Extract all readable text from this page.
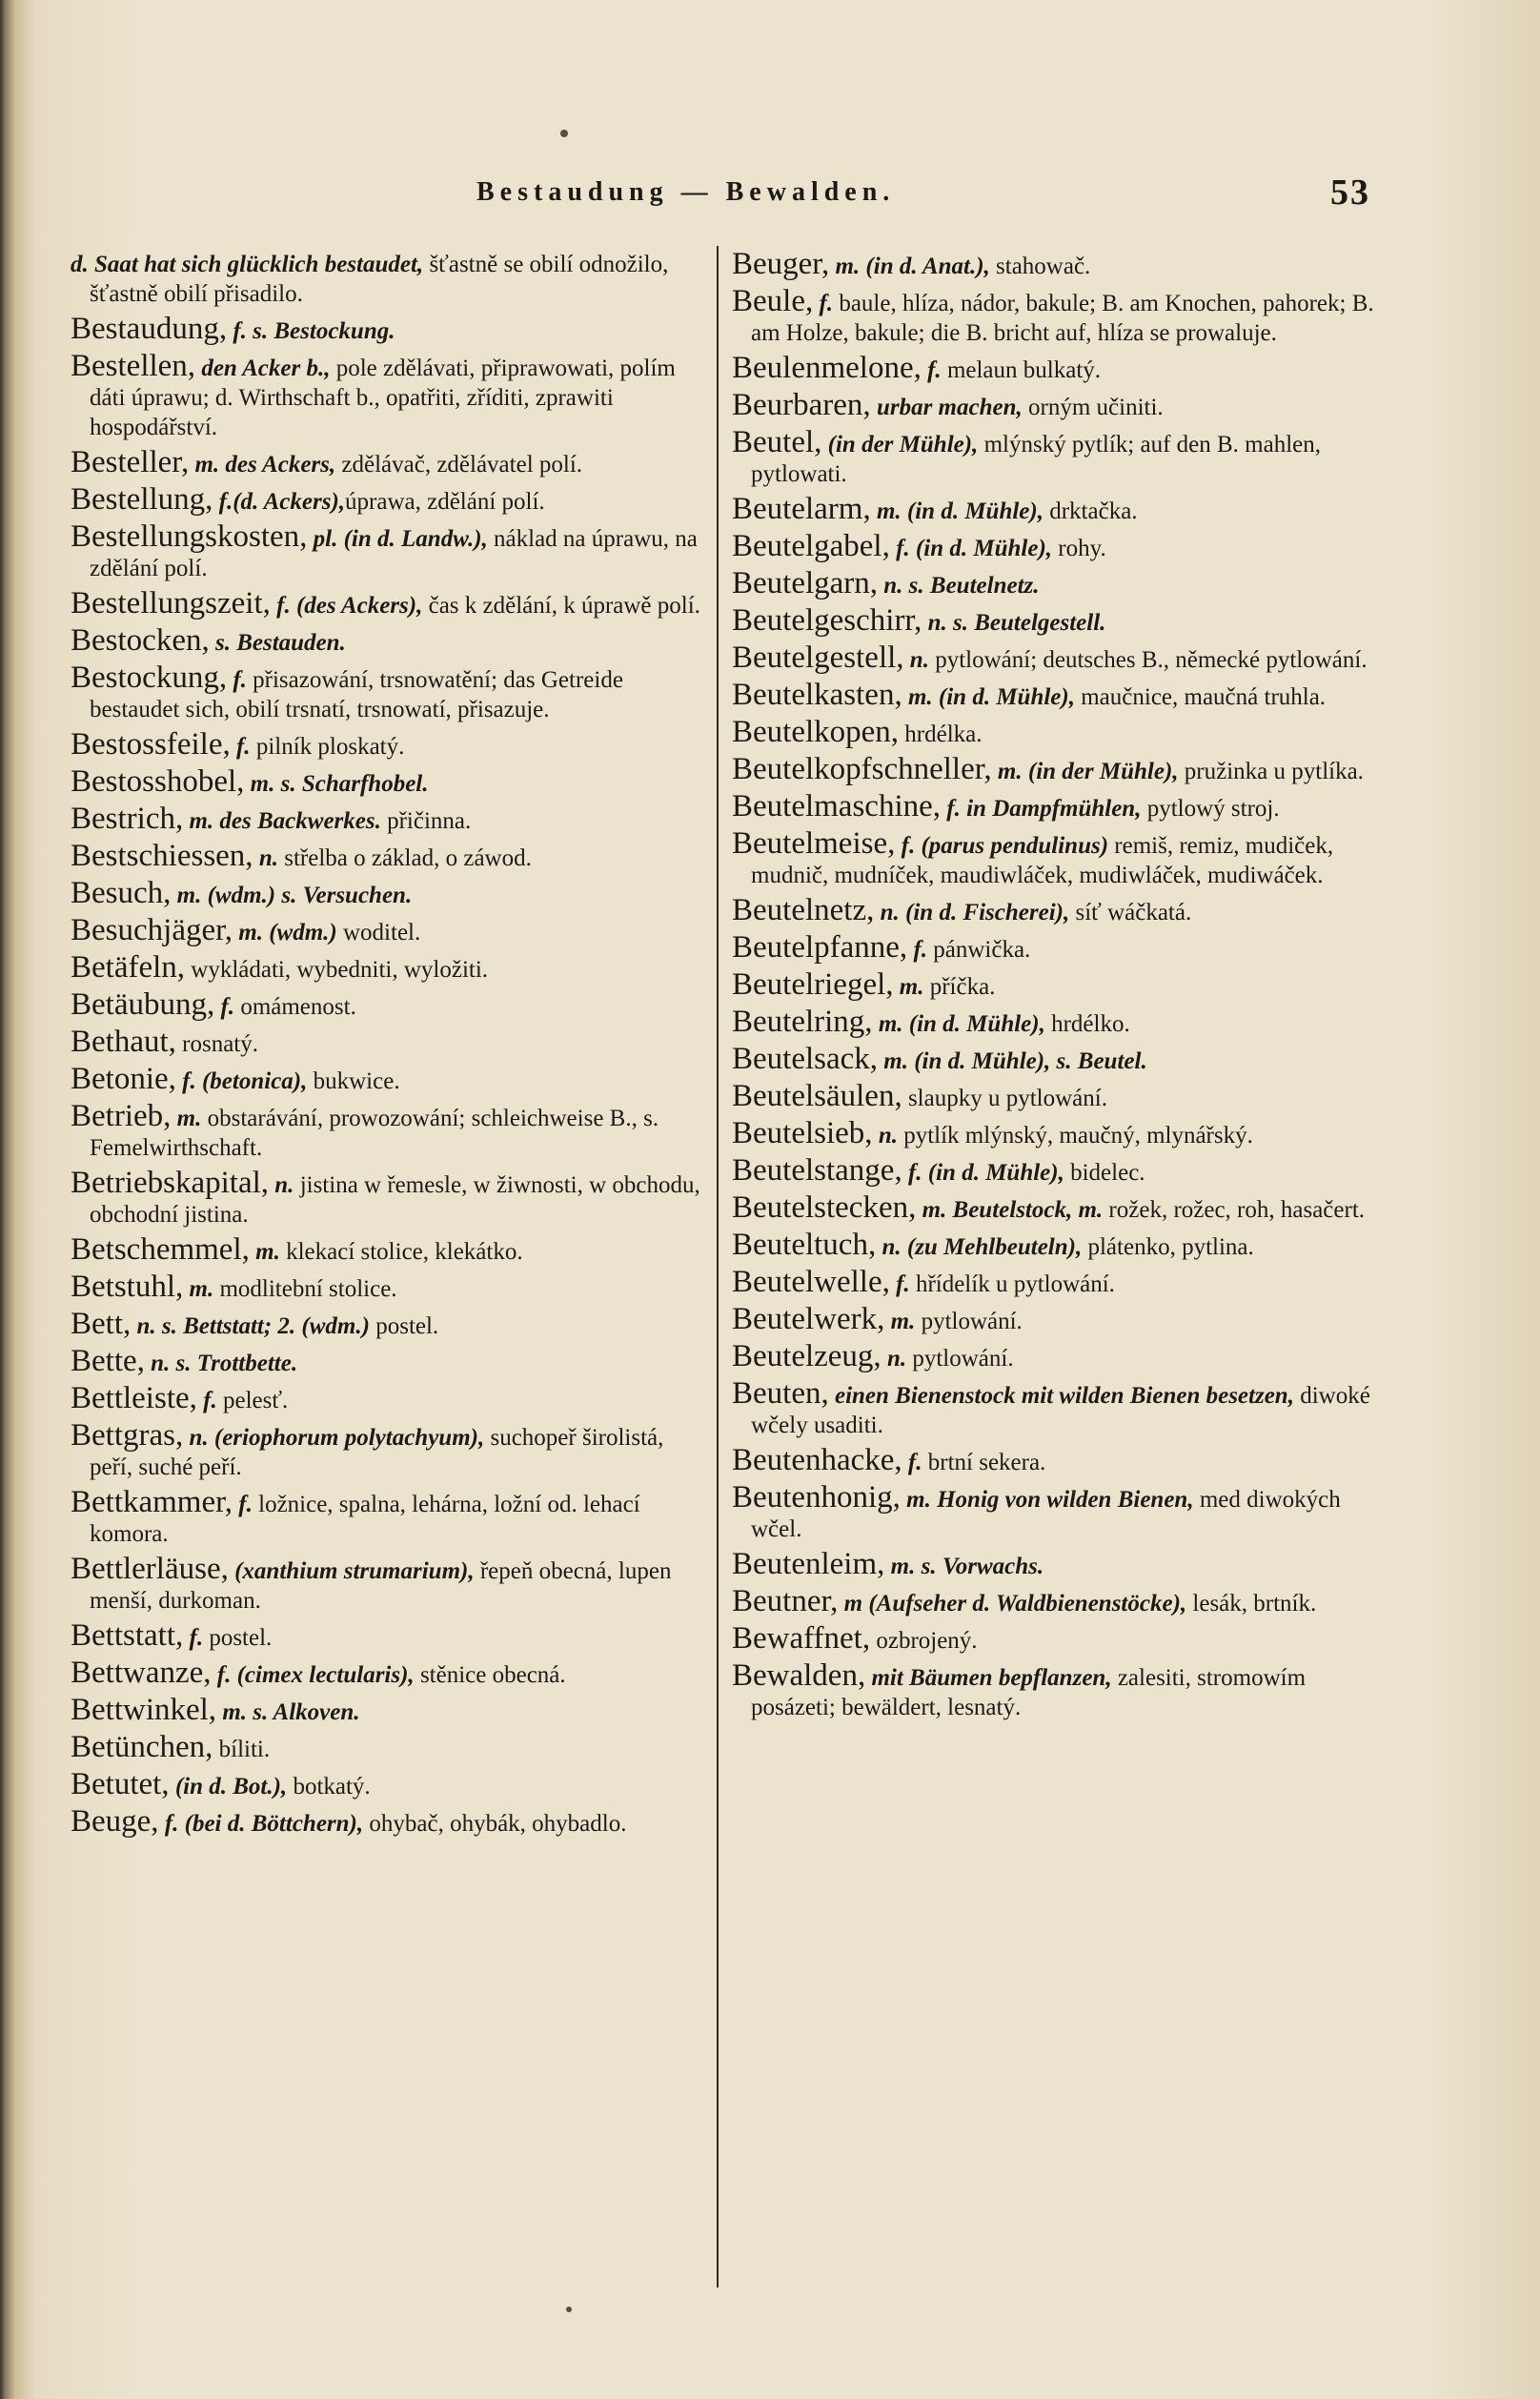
Bestaudung — Bewalden.	53
d. Saat hat sich glücklich bestaudet, šťastně se obilí odnožilo, šťastně obilí přisadilo.
Bestaudung, f. s. Bestockung.
Bestellen, den Acker b., pole zdělávati, připrawowati, polím dáti úprawu; d. Wirthschaft b., opatřiti, zříditi, zprawiti hospodářství.
Besteller, m. des Ackers, zdělávač, zdělávatel polí.
Bestellung, f.(d. Ackers),úprawa, zdělání polí.
Bestellungskosten, pl. (in d. Landw.), náklad na úprawu, na zdělání polí.
Bestellungszeit, f. (des Ackers), čas k zdělání, k úprawě polí.
Bestocken, s. Bestauden.
Bestockung, f. přisazowání, trsnowatění; das Getreide bestaudet sich, obilí trsnatí, trsnowatí, přisazuje.
Bestossfeile, f. pilník ploskatý.
Bestosshobel, m. s. Scharfhobel.
Bestrich, m. des Backwerkes. přičinna.
Bestschiessen, n. střelba o základ, o záwod.
Besuch, m. (wdm.) s. Versuchen.
Besuchjäger, m. (wdm.) woditel.
Betäfeln, wykládati, wybedniti, wyložiti.
Betäubung, f. omámenost.
Bethaut, rosnatý.
Betonie, f. (betonica), bukwice.
Betrieb, m. obstarávání, prowozowání; schleichweise B., s. Femelwirthschaft.
Betriebskapital, n. jistina w řemesle, w žiwnosti, w obchodu, obchodní jistina.
Betschemmel, m. klekací stolice, klekátko.
Betstuhl, m. modlitební stolice.
Bett, n. s. Bettstatt; 2. (wdm.) postel.
Bette, n. s. Trottbette.
Bettleiste, f. pelesť.
Bettgras, n. (eriophorum polytachyum), suchopeř širolistá, peří, suché peří.
Bettkammer, f. ložnice, spalna, lehárna, ložní od. lehací komora.
Bettlerläuse, (xanthium strumarium), řepeň obecná, lupen menší, durkoman.
Bettstatt, f. postel.
Bettwanze, f. (cimex lectularis), stěnice obecná.
Bettwinkel, m. s. Alkoven.
Betünchen, bíliti.
Betutet, (in d. Bot.), botkatý.
Beuge, f. (bei d. Böttchern), ohybač, ohybák, ohybadlo.
Beuger, m. (in d. Anat.), stahowač.
Beule, f. baule, hlíza, nádor, bakule; B. am Knochen, pahorek; B. am Holze, bakule; die B. bricht auf, hlíza se prowaluje.
Beulenmelone, f. melaun bulkatý.
Beurbaren, urbar machen, orným učiniti.
Beutel, (in der Mühle), mlýnský pytlík; auf den B. mahlen, pytlowati.
Beutelarm, m. (in d. Mühle), drktačka.
Beutelgabel, f. (in d. Mühle), rohy.
Beutelgarn, n. s. Beutelnetz.
Beutelgeschirr, n. s. Beutelgestell.
Beutelgestell, n. pytlowání; deutsches B., německé pytlowání.
Beutelkasten, m. (in d. Mühle), maučnice, maučná truhla.
Beutelkopen, hrdélka.
Beutelkopfschneller, m. (in der Mühle), pružinka u pytlíka.
Beutelmaschine, f. in Dampfmühlen, pytlowý stroj.
Beutelmeise, f. (parus pendulinus) remiš, remiz, mudiček, mudnič, mudníček, maudiwláček, mudiwláček, mudiwáček.
Beutelnetz, n. (in d. Fischerei), síť wáčkatá.
Beutelpfanne, f. pánwička.
Beutelriegel, m. příčka.
Beutelring, m. (in d. Mühle), hrdélko.
Beutelsack, m. (in d. Mühle), s. Beutel.
Beutelsäulen, slaupky u pytlowání.
Beutelsieb, n. pytlík mlýnský, maučný, mlynářský.
Beutelstange, f. (in d. Mühle), bidelec.
Beutelstecken, m. Beutelstock, m. rožek, rožec, roh, hasačert.
Beuteltuch, n. (zu Mehlbeuteln), plátenko, pytlina.
Beutelwelle, f. hřídelík u pytlowání.
Beutelwerk, m. pytlowání.
Beutelzeug, n. pytlowání.
Beuten, einen Bienenstock mit wilden Bienen besetzen, diwoké wčely usaditi.
Beutenhacke, f. brtní sekera.
Beutenhonig, m. Honig von wilden Bienen, med diwokých wčel.
Beutenleim, m. s. Vorwachs.
Beutner, m (Aufseher d. Waldbienenstöcke), lesák, brtník.
Bewaffnet, ozbrojený.
Bewalden, mit Bäumen bepflanzen, zalesiti, stromowím posázeti; bewäldert, lesnatý.
